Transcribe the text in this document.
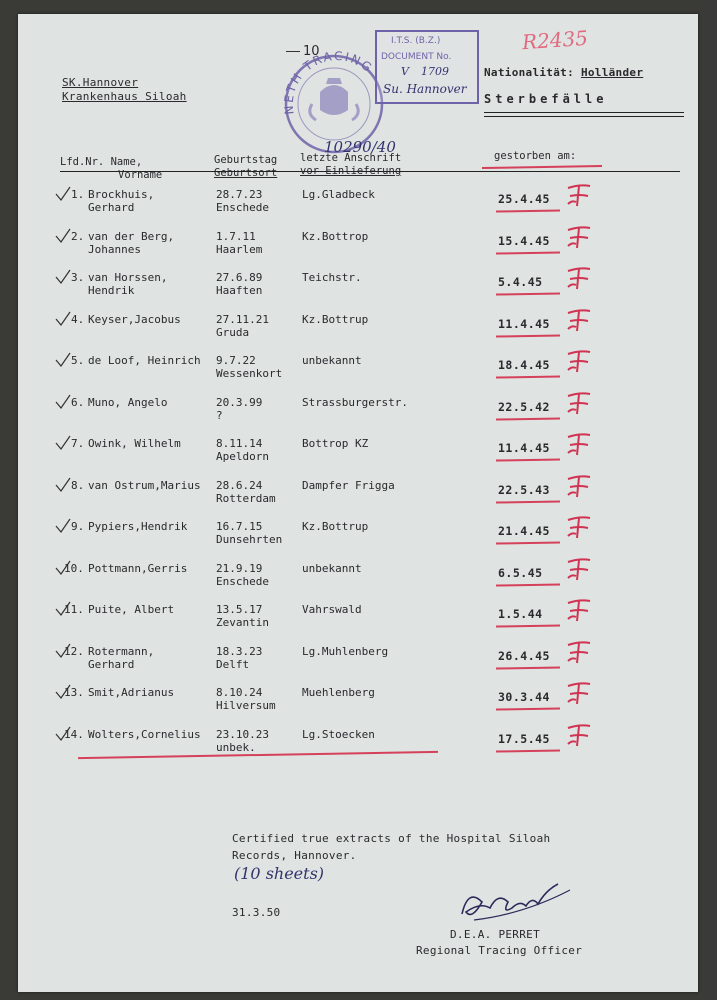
SK.Hannover
Krankenhaus Siloah
10
NETH TRACING
10290/40
I.T.S. (B.Z.)
DOCUMENT No.
V 1709
Su. Hannover
R2435
Nationalität: Holländer
Sterbefälle
Lfd.Nr. Name,
Vorname
Geburtstag
Geburtsort
letzte Anschrift
vor Einlieferung
gestorben am:
1. Brockhuis,
Gerhard
28.7.23
Enschede
Lg.Gladbeck	25.4.45
2. van der Berg,
Johannes
1.7.11
Haarlem
Kz.Bottrop	15.4.45
3. van Horssen,
Hendrik
27.6.89
Haaften
Teichstr.	5.4.45
4. Keyser,Jacobus	27.11.21
Gruda
Kz.Bottrup	11.4.45
5. de Loof, Heinrich 9.7.22
Wessenkort
unbekannt	18.4.45
6. Muno, Angelo	20.3.99
?
Strassburgerstr.	22.5.42
7. Owink, Wilhelm	8.11.14
Apeldorn
Bottrop KZ	11.4.45
8. van Ostrum,Marius 28.6.24
Rotterdam
Dampfer Frigga	22.5.43
9. Pypiers,Hendrik	16.7.15
Dunsehrten
Kz.Bottrup	21.4.45
10. Pottmann,Gerris	21.9.19
Enschede
unbekannt	6.5.45
11. Puite, Albert	13.5.17
Zevantin
Vahrswald	1.5.44
12. Rotermann,
Gerhard
18.3.23
Delft
Lg.Muhlenberg	26.4.45
13. Smit,Adrianus	8.10.24
Hilversum
Muehlenberg	30.3.44
14. Wolters,Cornelius 23.10.23
unbek.
Lg.Stoecken	17.5.45
Certified true extracts of the Hospital Siloah
Records, Hannover.
(10 sheets)
31.3.50
D.E.A. PERRET
Regional Tracing Officer
